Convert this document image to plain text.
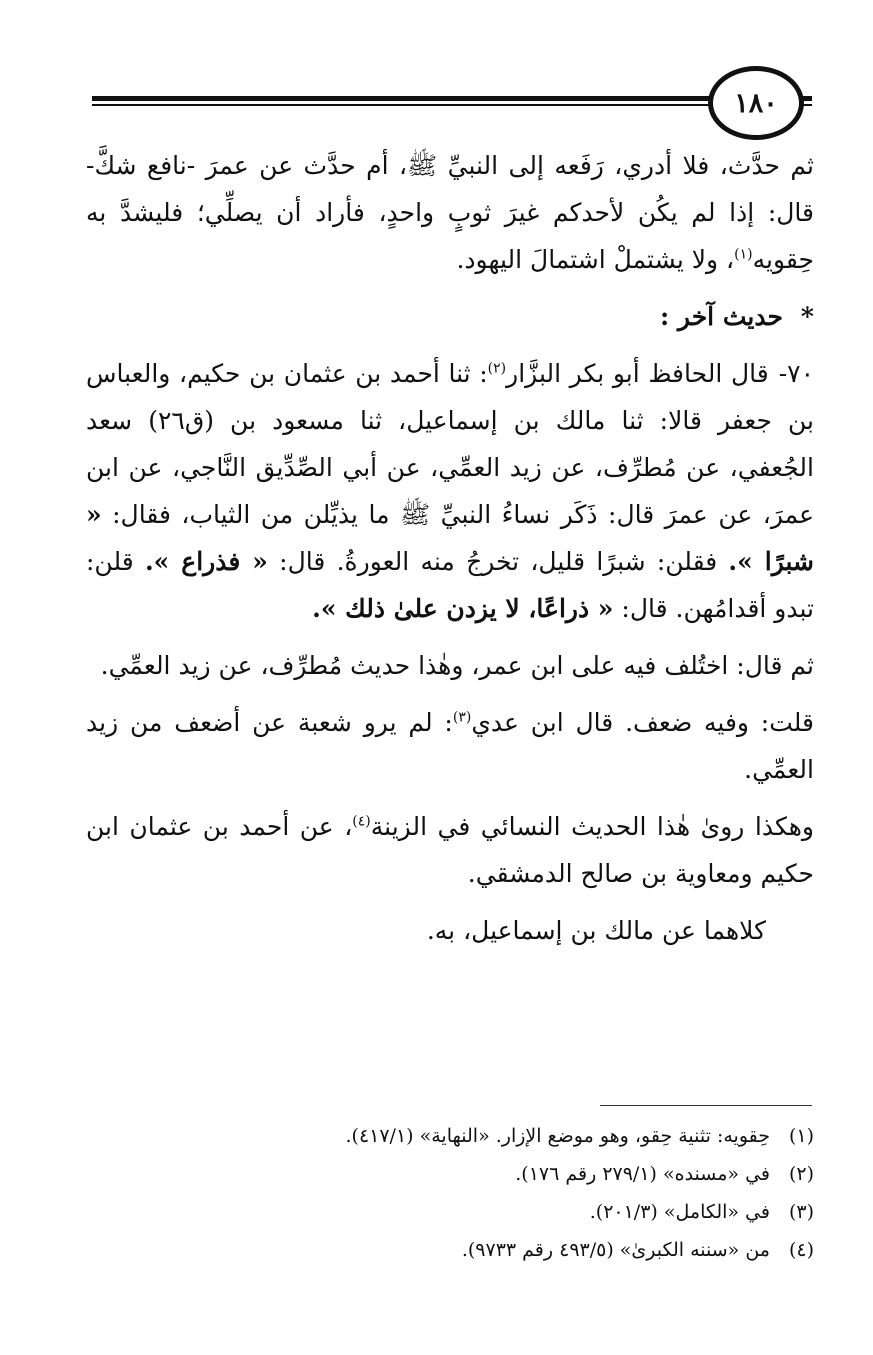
١٨٠

ثم حدَّث، فلا أدري، رَفَعه إلى النبيِّ ﷺ، أم حدَّث عن عمرَ -نافع شكَّ- قال: إذا لم يكُن لأحدكم غيرَ ثوبٍ واحدٍ، فأراد أن يصلِّي؛ فليشدَّ به حِقويه$^{(١)}$، ولا يشتملْ اشتمالَ اليهود.

*حديث آخر :

٧٠-قال الحافظ أبو بكر البزَّار$^{(٢)}$: ثنا أحمد بن عثمان بن حكيم، والعباس بن جعفر قالا: ثنا مالك بن إسماعيل، ثنا مسعود بن (ق٢٦) سعد الجُعفي، عن مُطرِّف، عن زيد العمِّي، عن أبي الصِّدِّيق النَّاجي، عن ابن عمرَ، عن عمرَ قال: ذَكَر نساءُ النبيِّ ﷺ ما يذيِّلن من الثياب، فقال: « شبرًا ». فقلن: شبرًا قليل، تخرجُ منه العورةُ. قال: « فذراع ». قلن: تبدو أقدامُهن. قال: « ذراعًا، لا يزدن علىٰ ذلك ».

ثم قال: اختُلف فيه على ابن عمر، وهٰذا حديث مُطرِّف، عن زيد العمِّي.

قلت: وفيه ضعف. قال ابن عدي$^{(٣)}$: لم يرو شعبة عن أضعف من زيد العمِّي.

وهكذا روىٰ هٰذا الحديث النسائي في الزينة$^{(٤)}$، عن أحمد بن عثمان ابن حكيم ومعاوية بن صالح الدمشقي.

كلاهما عن مالك بن إسماعيل، به.

(١)حِقويه: تثنية حِقو، وهو موضع الإزار. «النهاية» (٤١٧/١).

(٢)في «مسنده» (٢٧٩/١ رقم ١٧٦).

(٣)في «الكامل» (٢٠١/٣).

(٤)من «سننه الكبرىٰ» (٤٩٣/٥ رقم ٩٧٣٣).
